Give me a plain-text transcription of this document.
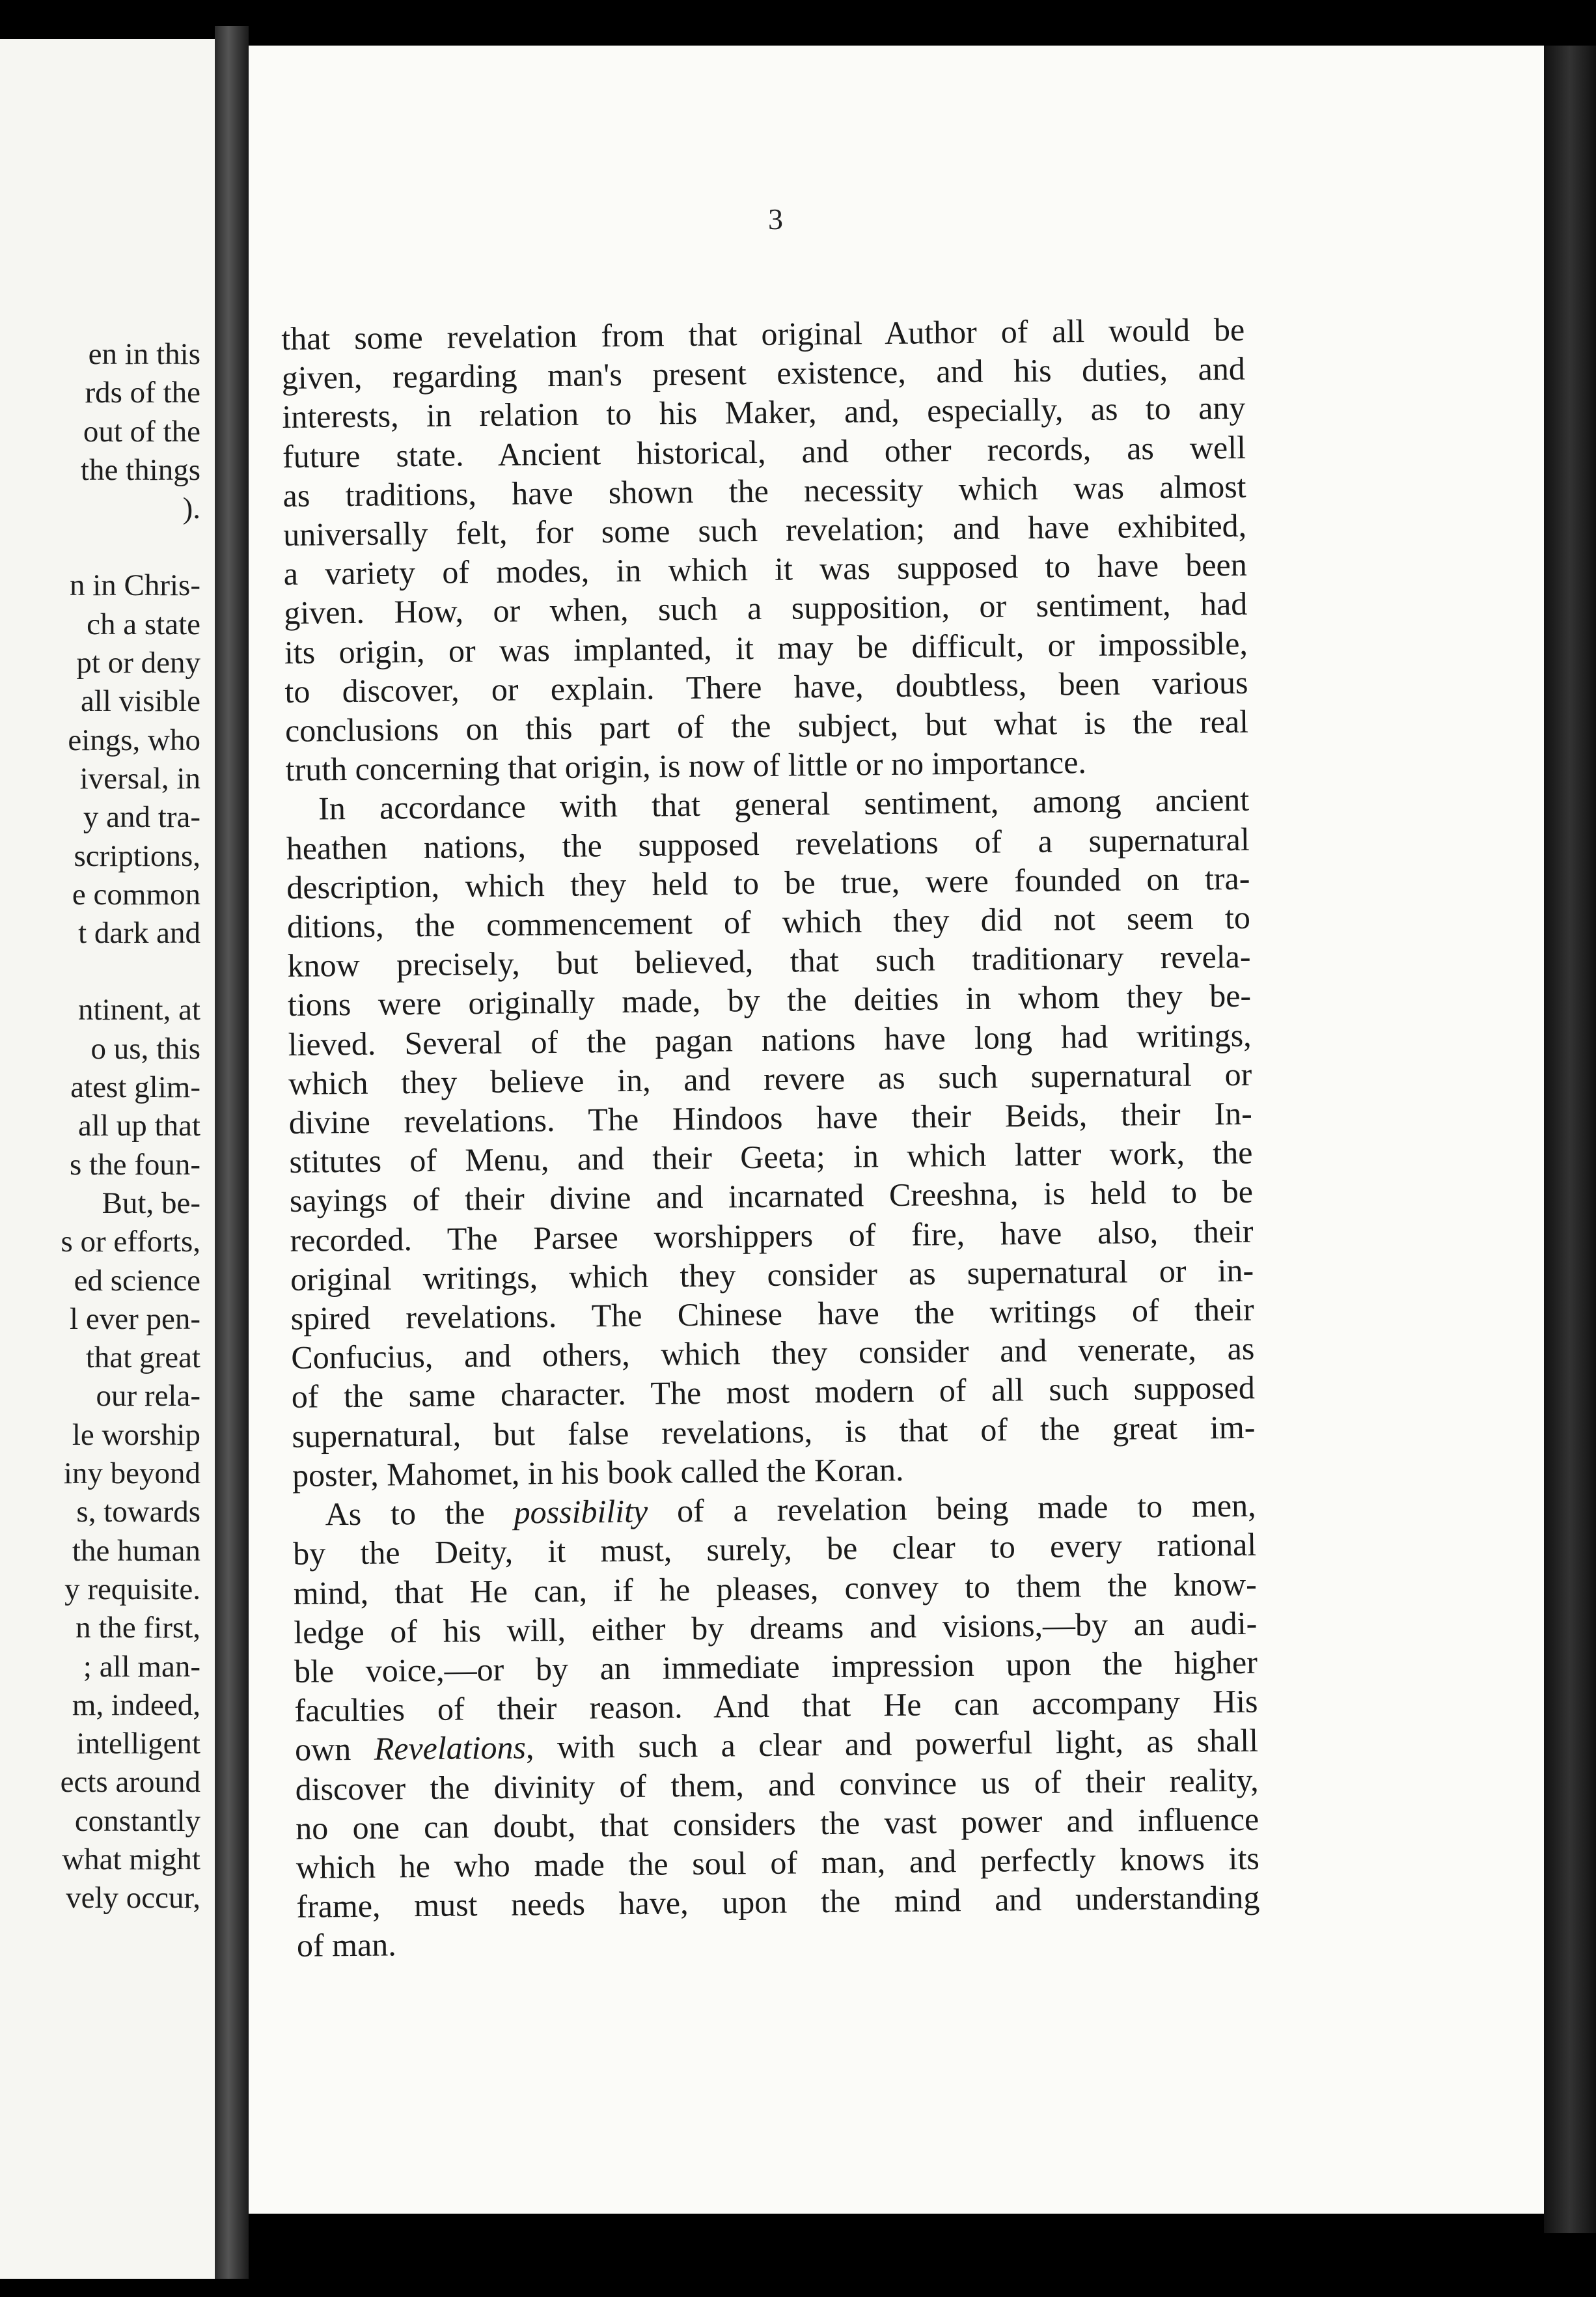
en in this
rds of the
out of the
the things
).
n in Chris-
ch a state
pt or deny
all visible
eings, who
iversal, in
y and tra-
scriptions,
e common
t dark and
ntinent, at
o us, this
atest glim-
all up that
s the foun-
But, be-
s or efforts,
ed science
l ever pen-
that great
our rela-
le worship
iny beyond
s, towards
the human
y requisite.
n the first,
; all man-
m, indeed,
intelligent
ects around
constantly
what might
vely occur,
3
that some revelation from that original Author of all would be
given, regarding man's present existence, and his duties, and
interests, in relation to his Maker, and, especially, as to any
future state. Ancient historical, and other records, as well
as traditions, have shown the necessity which was almost
universally felt, for some such revelation; and have exhibited,
a variety of modes, in which it was supposed to have been
given. How, or when, such a supposition, or sentiment, had
its origin, or was implanted, it may be difficult, or impossible,
to discover, or explain. There have, doubtless, been various
conclusions on this part of the subject, but what is the real
truth concerning that origin, is now of little or no importance.
In accordance with that general sentiment, among ancient
heathen nations, the supposed revelations of a supernatural
description, which they held to be true, were founded on tra-
ditions, the commencement of which they did not seem to
know precisely, but believed, that such traditionary revela-
tions were originally made, by the deities in whom they be-
lieved. Several of the pagan nations have long had writings,
which they believe in, and revere as such supernatural or
divine revelations. The Hindoos have their Beids, their In-
stitutes of Menu, and their Geeta; in which latter work, the
sayings of their divine and incarnated Creeshna, is held to be
recorded. The Parsee worshippers of fire, have also, their
original writings, which they consider as supernatural or in-
spired revelations. The Chinese have the writings of their
Confucius, and others, which they consider and venerate, as
of the same character. The most modern of all such supposed
supernatural, but false revelations, is that of the great im-
poster, Mahomet, in his book called the Koran.
As to the possibility of a revelation being made to men,
by the Deity, it must, surely, be clear to every rational
mind, that He can, if he pleases, convey to them the know-
ledge of his will, either by dreams and visions,—by an audi-
ble voice,—or by an immediate impression upon the higher
faculties of their reason. And that He can accompany His
own Revelations, with such a clear and powerful light, as shall
discover the divinity of them, and convince us of their reality,
no one can doubt, that considers the vast power and influence
which he who made the soul of man, and perfectly knows its
frame, must needs have, upon the mind and understanding
of man.
